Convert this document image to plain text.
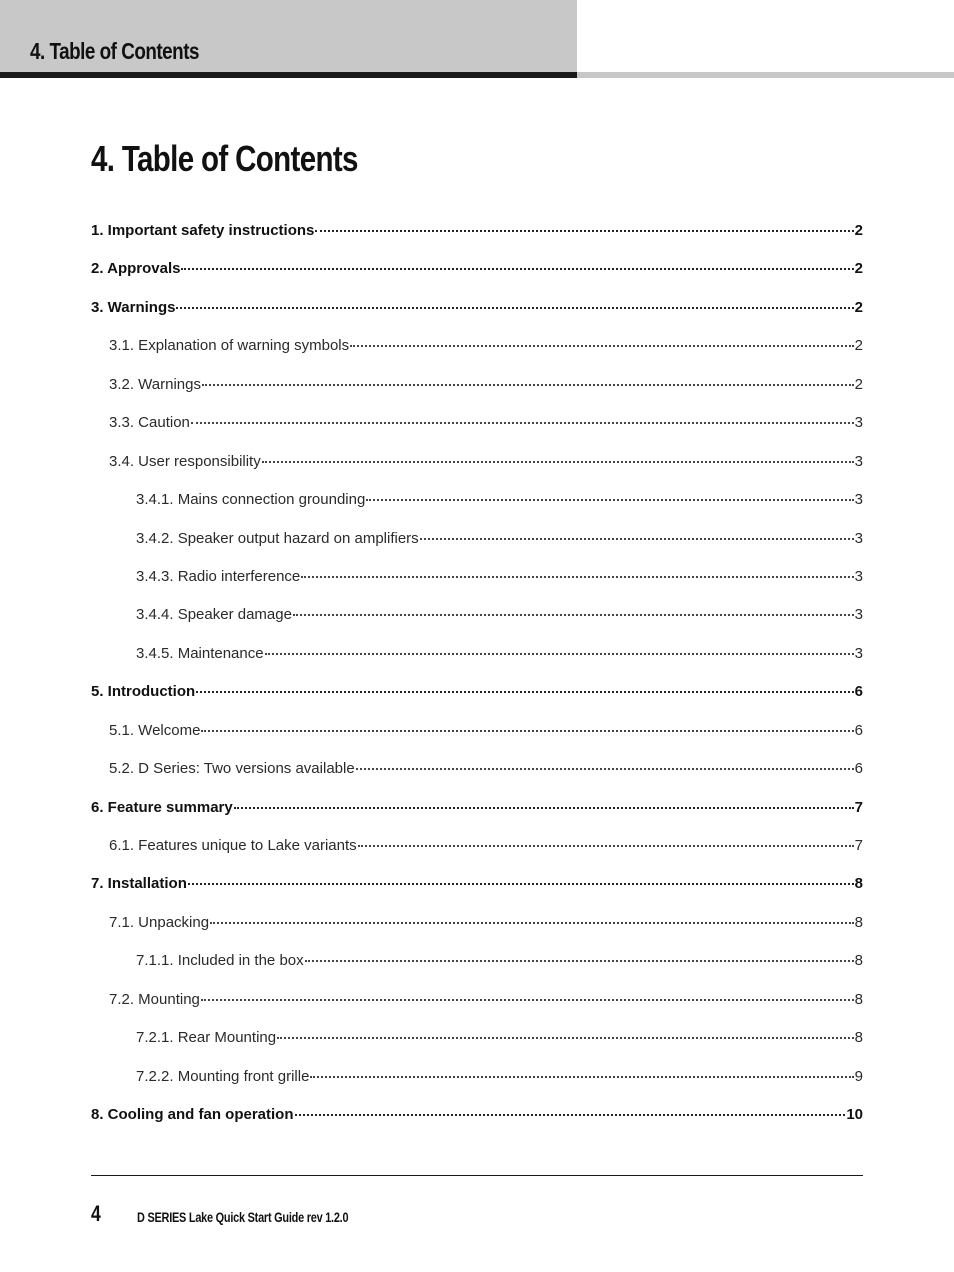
4. Table of Contents
4. Table of Contents
1. Important safety instructions	2
2. Approvals	2
3. Warnings	2
3.1. Explanation of warning symbols	2
3.2. Warnings	2
3.3. Caution	3
3.4. User responsibility	3
3.4.1. Mains connection grounding	3
3.4.2. Speaker output hazard on amplifiers	3
3.4.3. Radio interference	3
3.4.4. Speaker damage	3
3.4.5. Maintenance	3
5. Introduction	6
5.1. Welcome	6
5.2. D Series: Two versions available	6
6. Feature summary	7
6.1. Features unique to Lake variants	7
7. Installation	8
7.1. Unpacking	8
7.1.1. Included in the box	8
7.2. Mounting	8
7.2.1. Rear Mounting	8
7.2.2. Mounting front grille	9
8. Cooling and fan operation	10
4	D SERIES Lake Quick Start Guide rev 1.2.0
